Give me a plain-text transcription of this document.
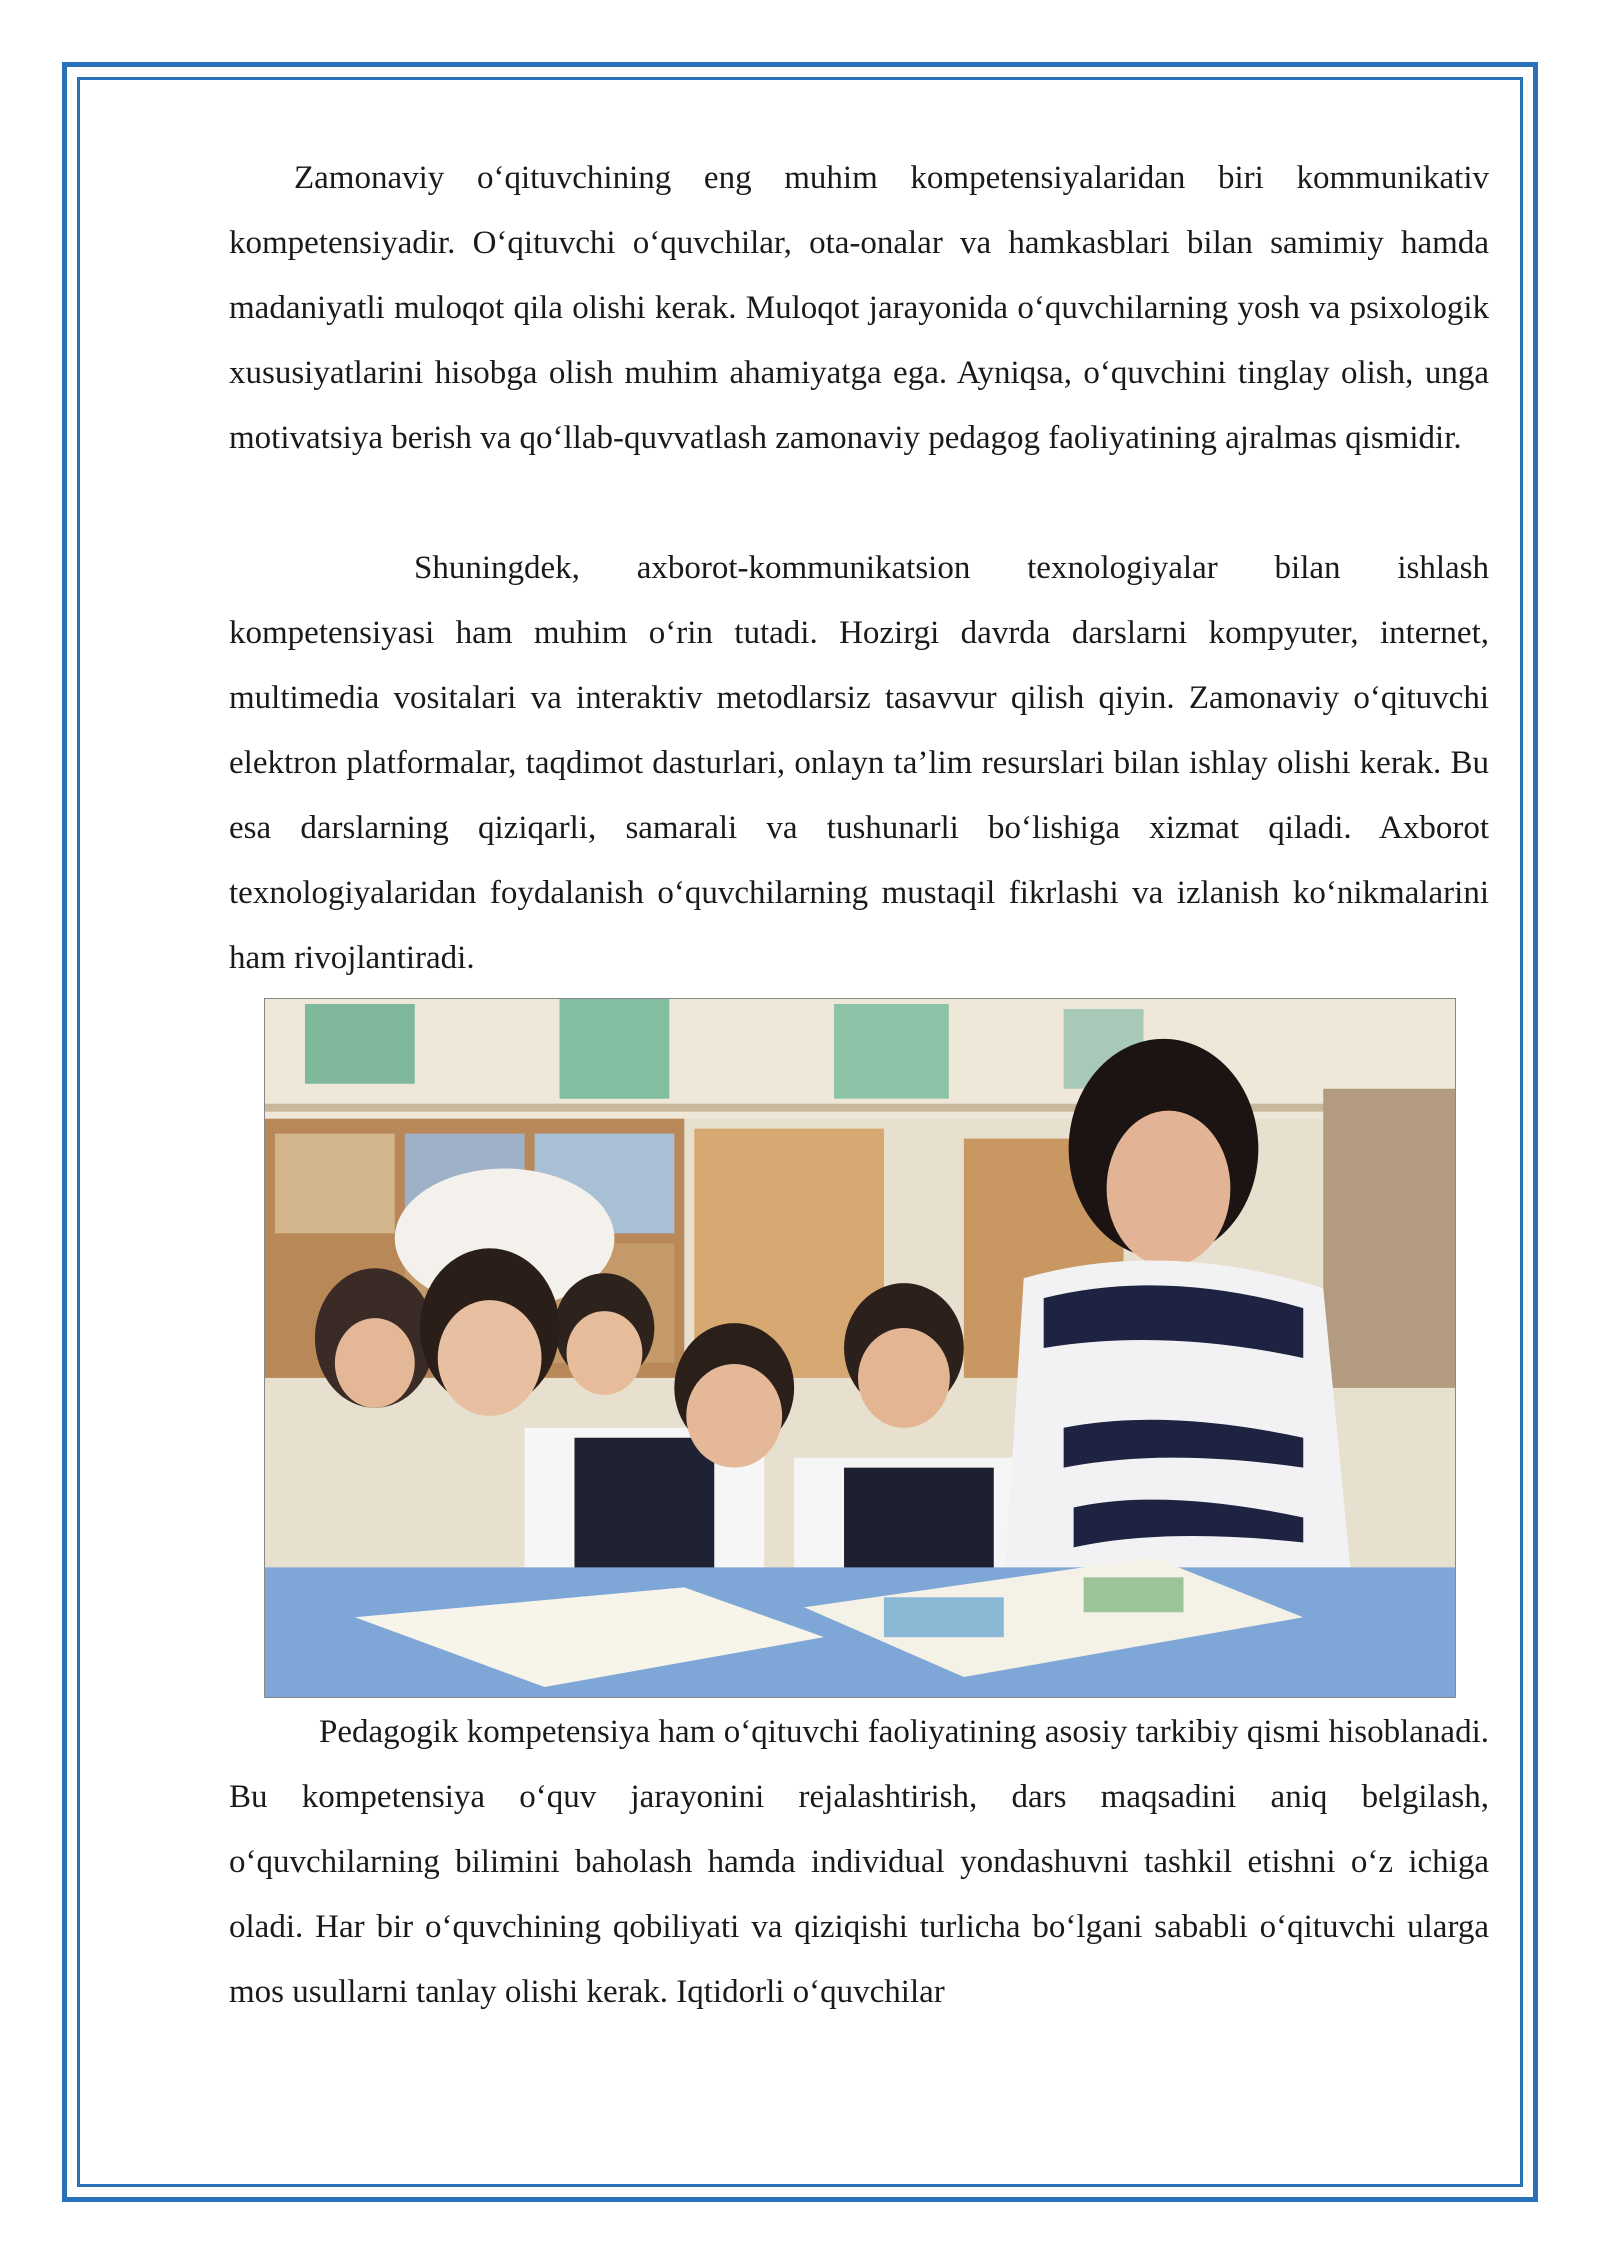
Zamonaviy o‘qituvchining eng muhim kompetensiyalaridan biri kommunikativ kompetensiyadir. O‘qituvchi o‘quvchilar, ota-onalar va hamkasblari bilan samimiy hamda madaniyatli muloqot qila olishi kerak. Muloqot jarayonida o‘quvchilarning yosh va psixologik xususiyatlarini hisobga olish muhim ahamiyatga ega. Ayniqsa, o‘quvchini tinglay olish, unga motivatsiya berish va qo‘llab-quvvatlash zamonaviy pedagog faoliyatining ajralmas qismidir.

Shuningdek, axborot-kommunikatsion texnologiyalar bilan ishlash kompetensiyasi ham muhim o‘rin tutadi. Hozirgi davrda darslarni kompyuter, internet, multimedia vositalari va interaktiv metodlarsiz tasavvur qilish qiyin. Zamonaviy o‘qituvchi elektron platformalar, taqdimot dasturlari, onlayn ta’lim resurslari bilan ishlay olishi kerak. Bu esa darslarning qiziqarli, samarali va tushunarli bo‘lishiga xizmat qiladi. Axborot texnologiyalaridan foydalanish o‘quvchilarning mustaqil fikrlashi va izlanish ko‘nikmalarini ham rivojlantiradi.

Pedagogik kompetensiya ham o‘qituvchi faoliyatining asosiy tarkibiy qismi hisoblanadi. Bu kompetensiya o‘quv jarayonini rejalashtirish, dars maqsadini aniq belgilash, o‘quvchilarning bilimini baholash hamda individual yondashuvni tashkil etishni o‘z ichiga oladi. Har bir o‘quvchining qobiliyati va qiziqishi turlicha bo‘lgani sababli o‘qituvchi ularga mos usullarni tanlay olishi kerak. Iqtidorli o‘quvchilar
